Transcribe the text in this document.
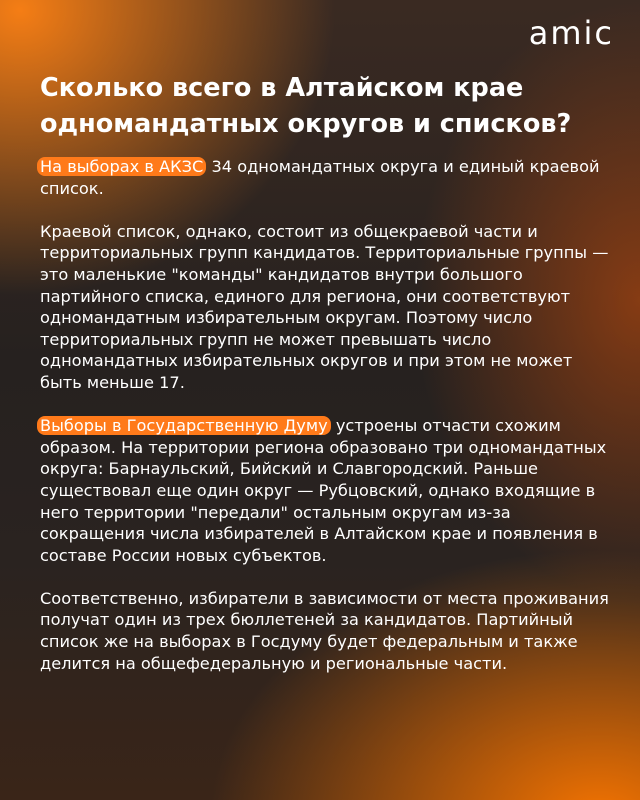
amic
Сколько всего в Алтайском крае одномандатных округов и списков?

На выборах в АКЗС 34 одномандатных округа и единый краевой список.

Краевой список, однако, состоит из общекраевой части и территориальных групп кандидатов. Территориальные группы — это маленькие "команды" кандидатов внутри большого партийного списка, единого для региона, они соответствуют одномандатным избирательным округам. Поэтому число территориальных групп не может превышать число одномандатных избирательных округов и при этом не может быть меньше 17.

Выборы в Государственную Думу устроены отчасти схожим образом. На территории региона образовано три одномандатных округа: Барнаульский, Бийский и Славгородский. Раньше существовал еще один округ — Рубцовский, однако входящие в него территории "передали" остальным округам из-за сокращения числа избирателей в Алтайском крае и появления в составе России новых субъектов.

Соответственно, избиратели в зависимости от места проживания получат один из трех бюллетеней за кандидатов. Партийный список же на выборах в Госдуму будет федеральным и также делится на общефедеральную и региональные части.
